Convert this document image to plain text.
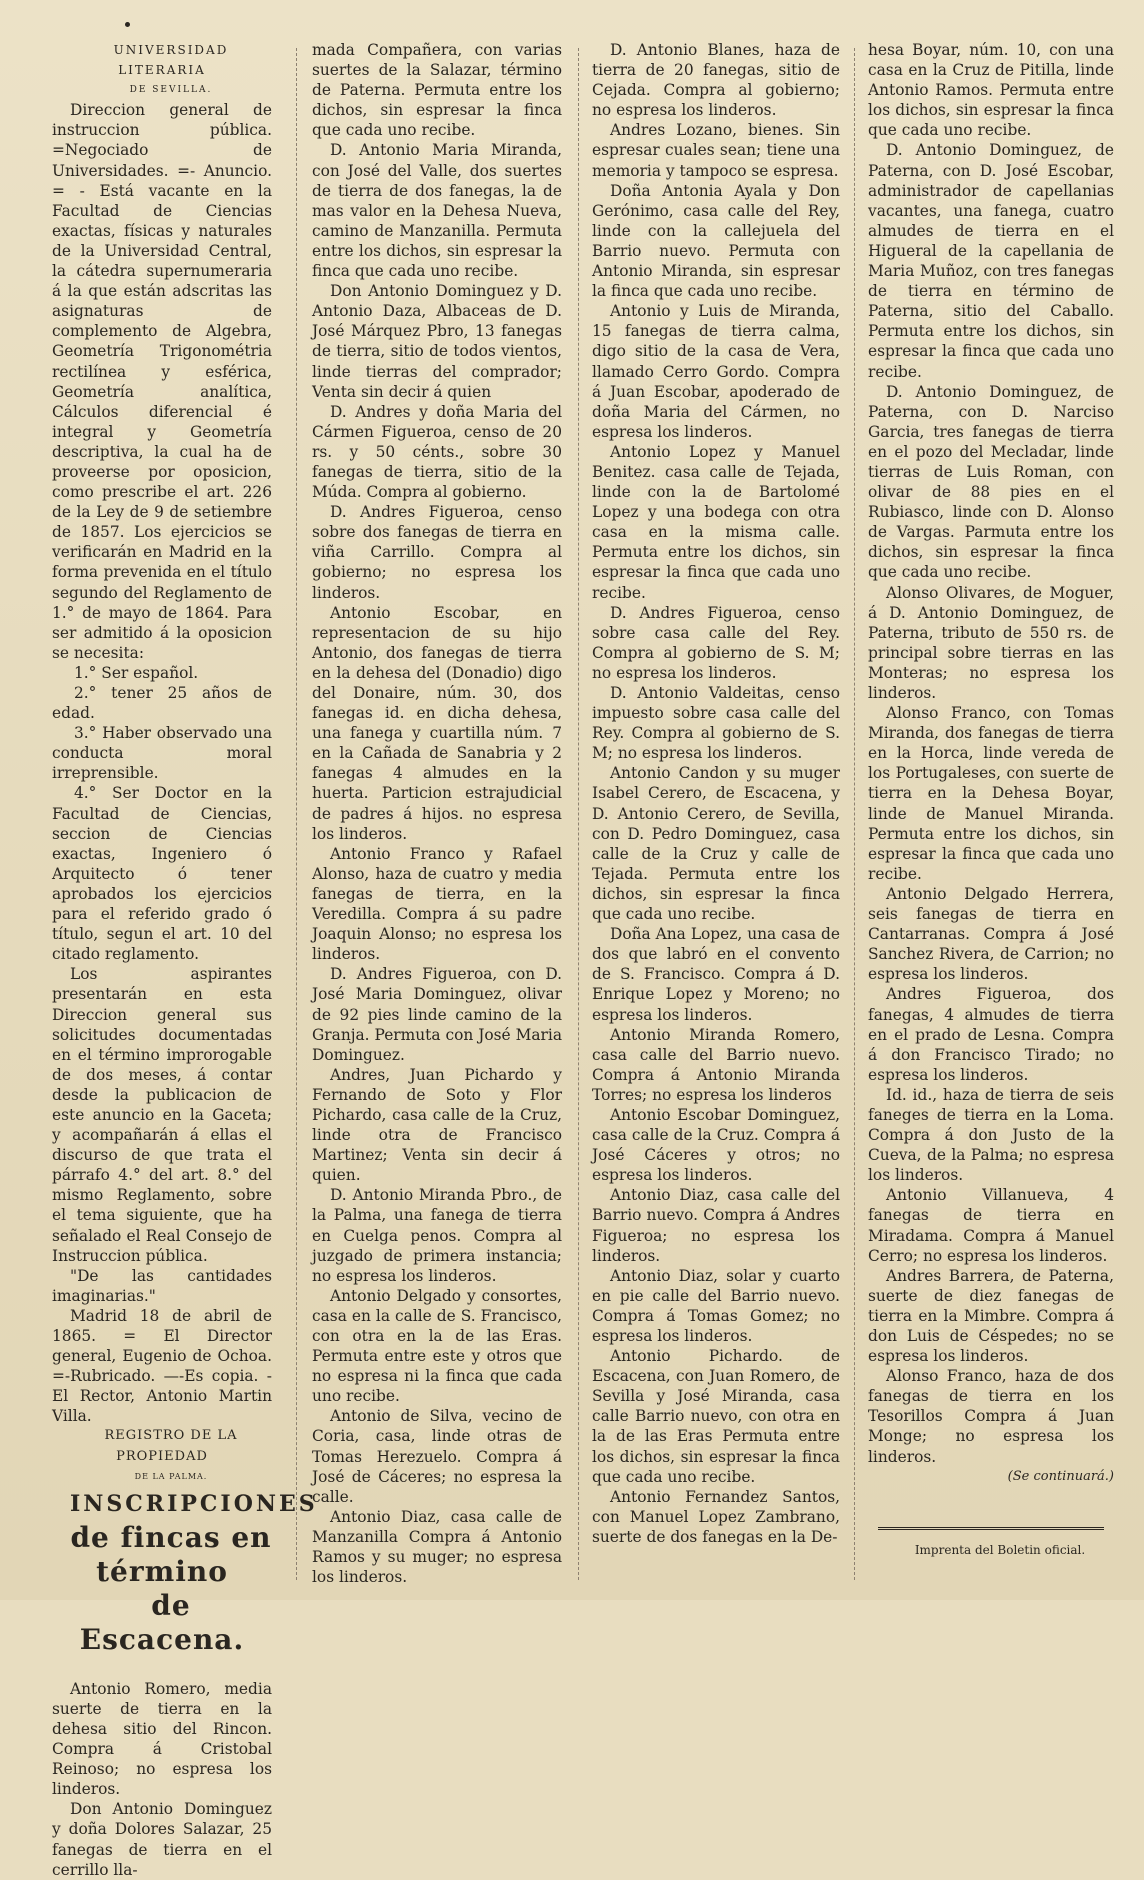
UNIVERSIDAD LITERARIA

DE SEVILLA.

Direccion general de instruccion pública. =Negociado de Universidades. =- Anuncio. = - Está vacante en la Facultad de Ciencias exactas, físicas y naturales de la Universidad Central, la cátedra supernumeraria á la que están adscritas las asignaturas de complemento de Algebra, Geometría Trigonométria rectilínea y esférica, Geometría analítica, Cálculos diferencial é integral y Geometría descriptiva, la cual ha de proveerse por oposicion, como prescribe el art. 226 de la Ley de 9 de setiembre de 1857. Los ejercicios se verificarán en Madrid en la forma prevenida en el título segundo del Reglamento de 1.° de mayo de 1864. Para ser admitido á la oposicion se necesita:

1.° Ser español.

2.° tener 25 años de edad.

3.° Haber observado una conducta moral irreprensible.

4.° Ser Doctor en la Facultad de Ciencias, seccion de Ciencias exactas, Ingeniero ó Arquitecto ó tener aprobados los ejercicios para el referido grado ó título, segun el art. 10 del citado reglamento.

Los aspirantes presentarán en esta Direccion general sus solicitudes documentadas en el término improrogable de dos meses, á contar desde la publicacion de este anuncio en la Gaceta; y acompañarán á ellas el discurso de que trata el párrafo 4.° del art. 8.° del mismo Reglamento, sobre el tema siguiente, que ha señalado el Real Consejo de Instruccion pública.

"De las cantidades imaginarias."

Madrid 18 de abril de 1865. = El Director general, Eugenio de Ochoa. =-Rubricado. —-Es copia. -El Rector, Antonio Martin Villa.

REGISTRO DE LA PROPIEDAD

DE LA PALMA.

INSCRIPCIONES

de fincas en término

de Escacena.

Antonio Romero, media suerte de tierra en la dehesa sitio del Rincon. Compra á Cristobal Reinoso; no espresa los linderos.

Don Antonio Dominguez y doña Dolores Salazar, 25 fanegas de tierra en el cerrillo lla-

mada Compañera, con varias suertes de la Salazar, término de Paterna. Permuta entre los dichos, sin espresar la finca que cada uno recibe.

D. Antonio Maria Miranda, con José del Valle, dos suertes de tierra de dos fanegas, la de mas valor en la Dehesa Nueva, camino de Manzanilla. Permuta entre los dichos, sin espresar la finca que cada uno recibe.

Don Antonio Dominguez y D. Antonio Daza, Albaceas de D. José Márquez Pbro, 13 fanegas de tierra, sitio de todos vientos, linde tierras del comprador; Venta sin decir á quien

D. Andres y doña Maria del Cármen Figueroa, censo de 20 rs. y 50 cénts., sobre 30 fanegas de tierra, sitio de la Múda. Compra al gobierno.

D. Andres Figueroa, censo sobre dos fanegas de tierra en viña Carrillo. Compra al gobierno; no espresa los linderos.

Antonio Escobar, en representacion de su hijo Antonio, dos fanegas de tierra en la dehesa del (Donadio) digo del Donaire, núm. 30, dos fanegas id. en dicha dehesa, una fanega y cuartilla núm. 7 en la Cañada de Sanabria y 2 fanegas 4 almudes en la huerta. Particion estrajudicial de padres á hijos. no espresa los linderos.

Antonio Franco y Rafael Alonso, haza de cuatro y media fanegas de tierra, en la Veredilla. Compra á su padre Joaquin Alonso; no espresa los linderos.

D. Andres Figueroa, con D. José Maria Dominguez, olivar de 92 pies linde camino de la Granja. Permuta con José Maria Dominguez.

Andres, Juan Pichardo y Fernando de Soto y Flor Pichardo, casa calle de la Cruz, linde otra de Francisco Martinez; Venta sin decir á quien.

D. Antonio Miranda Pbro., de la Palma, una fanega de tierra en Cuelga penos. Compra al juzgado de primera instancia; no espresa los linderos.

Antonio Delgado y consortes, casa en la calle de S. Francisco, con otra en la de las Eras. Permuta entre este y otros que no espresa ni la finca que cada uno recibe.

Antonio de Silva, vecino de Coria, casa, linde otras de Tomas Herezuelo. Compra á José de Cáceres; no espresa la calle.

Antonio Diaz, casa calle de Manzanilla Compra á Antonio Ramos y su muger; no espresa los linderos.

D. Antonio Blanes, haza de tierra de 20 fanegas, sitio de Cejada. Compra al gobierno; no espresa los linderos.

Andres Lozano, bienes. Sin espresar cuales sean; tiene una memoria y tampoco se espresa.

Doña Antonia Ayala y Don Gerónimo, casa calle del Rey, linde con la callejuela del Barrio nuevo. Permuta con Antonio Miranda, sin espresar la finca que cada uno recibe.

Antonio y Luis de Miranda, 15 fanegas de tierra calma, digo sitio de la casa de Vera, llamado Cerro Gordo. Compra á Juan Escobar, apoderado de doña Maria del Cármen, no espresa los linderos.

Antonio Lopez y Manuel Benitez. casa calle de Tejada, linde con la de Bartolomé Lopez y una bodega con otra casa en la misma calle. Permuta entre los dichos, sin espresar la finca que cada uno recibe.

D. Andres Figueroa, censo sobre casa calle del Rey. Compra al gobierno de S. M; no espresa los linderos.

D. Antonio Valdeitas, censo impuesto sobre casa calle del Rey. Compra al gobierno de S. M; no espresa los linderos.

Antonio Candon y su muger Isabel Cerero, de Escacena, y D. Antonio Cerero, de Sevilla, con D. Pedro Dominguez, casa calle de la Cruz y calle de Tejada. Permuta entre los dichos, sin espresar la finca que cada uno recibe.

Doña Ana Lopez, una casa de dos que labró en el convento de S. Francisco. Compra á D. Enrique Lopez y Moreno; no espresa los linderos.

Antonio Miranda Romero, casa calle del Barrio nuevo. Compra á Antonio Miranda Torres; no espresa los linderos

Antonio Escobar Dominguez, casa calle de la Cruz. Compra á José Cáceres y otros; no espresa los linderos.

Antonio Diaz, casa calle del Barrio nuevo. Compra á Andres Figueroa; no espresa los linderos.

Antonio Diaz, solar y cuarto en pie calle del Barrio nuevo. Compra á Tomas Gomez; no espresa los linderos.

Antonio Pichardo. de Escacena, con Juan Romero, de Sevilla y José Miranda, casa calle Barrio nuevo, con otra en la de las Eras Permuta entre los dichos, sin espresar la finca que cada uno recibe.

Antonio Fernandez Santos, con Manuel Lopez Zambrano, suerte de dos fanegas en la De-

hesa Boyar, núm. 10, con una casa en la Cruz de Pitilla, linde Antonio Ramos. Permuta entre los dichos, sin espresar la finca que cada uno recibe.

D. Antonio Dominguez, de Paterna, con D. José Escobar, administrador de capellanias vacantes, una fanega, cuatro almudes de tierra en el Higueral de la capellania de Maria Muñoz, con tres fanegas de tierra en término de Paterna, sitio del Caballo. Permuta entre los dichos, sin espresar la finca que cada uno recibe.

D. Antonio Dominguez, de Paterna, con D. Narciso Garcia, tres fanegas de tierra en el pozo del Mecladar, linde tierras de Luis Roman, con olivar de 88 pies en el Rubiasco, linde con D. Alonso de Vargas. Parmuta entre los dichos, sin espresar la finca que cada uno recibe.

Alonso Olivares, de Moguer, á D. Antonio Dominguez, de Paterna, tributo de 550 rs. de principal sobre tierras en las Monteras; no espresa los linderos.

Alonso Franco, con Tomas Miranda, dos fanegas de tierra en la Horca, linde vereda de los Portugaleses, con suerte de tierra en la Dehesa Boyar, linde de Manuel Miranda. Permuta entre los dichos, sin espresar la finca que cada uno recibe.

Antonio Delgado Herrera, seis fanegas de tierra en Cantarranas. Compra á José Sanchez Rivera, de Carrion; no espresa los linderos.

Andres Figueroa, dos fanegas, 4 almudes de tierra en el prado de Lesna. Compra á don Francisco Tirado; no espresa los linderos.

Id. id., haza de tierra de seis faneges de tierra en la Loma. Compra á don Justo de la Cueva, de la Palma; no espresa los linderos.

Antonio Villanueva, 4 fanegas de tierra en Miradama. Compra á Manuel Cerro; no espresa los linderos.

Andres Barrera, de Paterna, suerte de diez fanegas de tierra en la Mimbre. Compra á don Luis de Céspedes; no se espresa los linderos.

Alonso Franco, haza de dos fanegas de tierra en los Tesorillos Compra á Juan Monge; no espresa los linderos.

(Se continuará.)

Imprenta del Boletin oficial.
